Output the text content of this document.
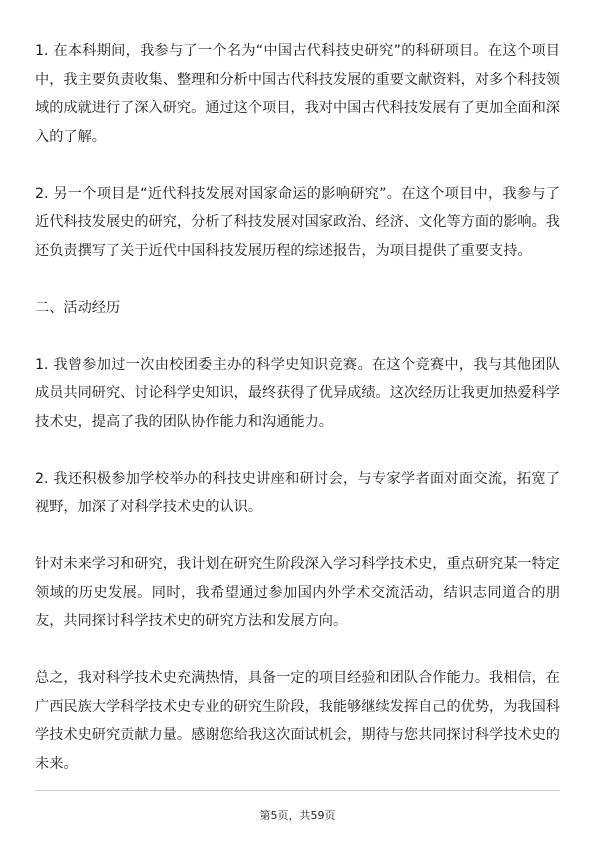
1. 在本科期间，我参与了一个名为“中国古代科技史研究”的科研项目。在这个项目中，我主要负责收集、整理和分析中国古代科技发展的重要文献资料，对多个科技领域的成就进行了深入研究。通过这个项目，我对中国古代科技发展有了更加全面和深入的了解。

2. 另一个项目是“近代科技发展对国家命运的影响研究”。在这个项目中，我参与了近代科技发展史的研究，分析了科技发展对国家政治、经济、文化等方面的影响。我还负责撰写了关于近代中国科技发展历程的综述报告，为项目提供了重要支持。

二、活动经历

1. 我曾参加过一次由校团委主办的科学史知识竞赛。在这个竞赛中，我与其他团队成员共同研究、讨论科学史知识，最终获得了优异成绩。这次经历让我更加热爱科学技术史，提高了我的团队协作能力和沟通能力。

2. 我还积极参加学校举办的科技史讲座和研讨会，与专家学者面对面交流，拓宽了视野，加深了对科学技术史的认识。

针对未来学习和研究，我计划在研究生阶段深入学习科学技术史，重点研究某一特定领域的历史发展。同时，我希望通过参加国内外学术交流活动，结识志同道合的朋友，共同探讨科学技术史的研究方法和发展方向。

总之，我对科学技术史充满热情，具备一定的项目经验和团队合作能力。我相信，在广西民族大学科学技术史专业的研究生阶段，我能够继续发挥自己的优势，为我国科学技术史研究贡献力量。感谢您给我这次面试机会，期待与您共同探讨科学技术史的未来。

第5页，共59页
